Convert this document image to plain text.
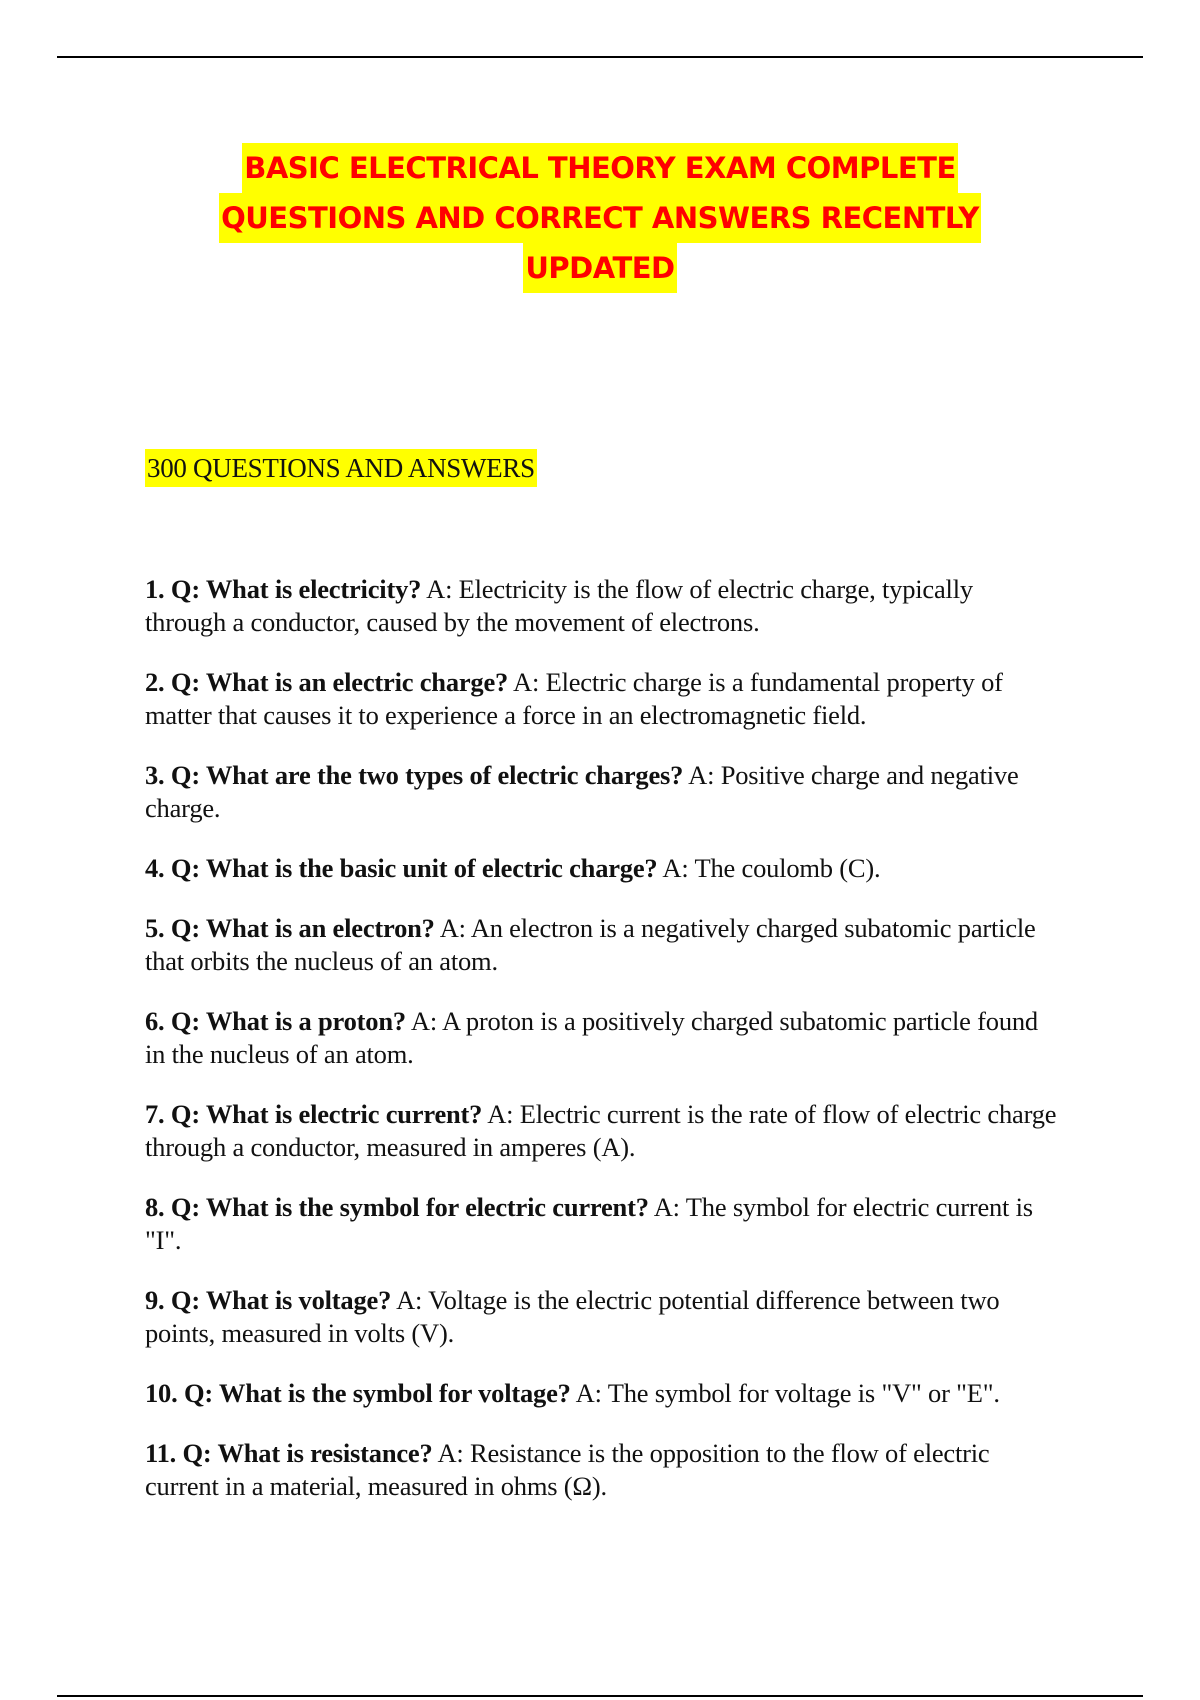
BASIC ELECTRICAL THEORY EXAM COMPLETE
QUESTIONS AND CORRECT ANSWERS RECENTLY
UPDATED
300 QUESTIONS AND ANSWERS

1. Q: What is electricity? A: Electricity is the flow of electric charge, typically through a conductor, caused by the movement of electrons.

2. Q: What is an electric charge? A: Electric charge is a fundamental property of matter that causes it to experience a force in an electromagnetic field.

3. Q: What are the two types of electric charges? A: Positive charge and negative charge.

4. Q: What is the basic unit of electric charge? A: The coulomb (C).

5. Q: What is an electron? A: An electron is a negatively charged subatomic particle that orbits the nucleus of an atom.

6. Q: What is a proton? A: A proton is a positively charged subatomic particle found in the nucleus of an atom.

7. Q: What is electric current? A: Electric current is the rate of flow of electric charge through a conductor, measured in amperes (A).

8. Q: What is the symbol for electric current? A: The symbol for electric current is "I".

9. Q: What is voltage? A: Voltage is the electric potential difference between two points, measured in volts (V).

10. Q: What is the symbol for voltage? A: The symbol for voltage is "V" or "E".

11. Q: What is resistance? A: Resistance is the opposition to the flow of electric current in a material, measured in ohms (Ω).
